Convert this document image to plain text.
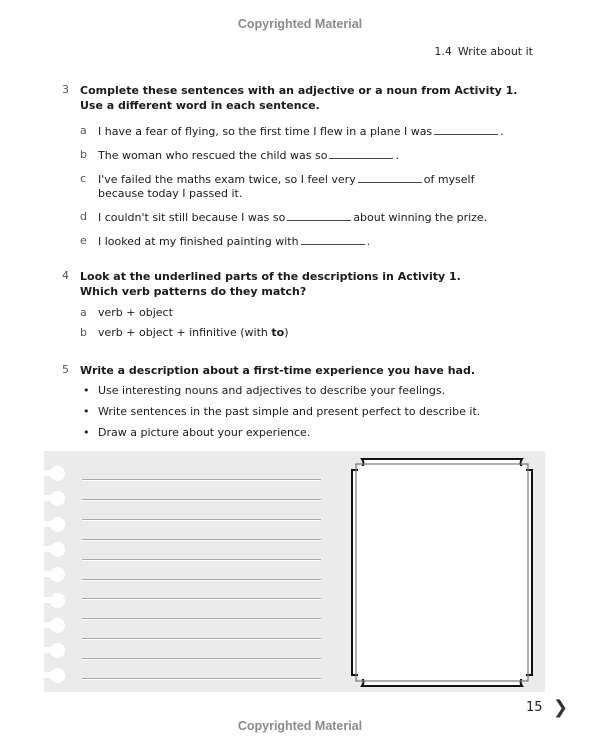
Copyrighted Material
1.4 Write about it
3 Complete these sentences with an adjective or a noun from Activity 1.
Use a different word in each sentence.
a I have a fear of flying, so the first time I flew in a plane I was	.
b The woman who rescued the child was so	.
c I've failed the maths exam twice, so I feel very	of myself because today I passed it.
d I couldn't sit still because I was so	about winning the prize.
e I looked at my finished painting with	.
4 Look at the underlined parts of the descriptions in Activity 1.
Which verb patterns do they match?
a verb + object
b verb + object + infinitive (with to)
5 Write a description about a first-time experience you have had.
• Use interesting nouns and adjectives to describe your feelings.
• Write sentences in the past simple and present perfect to describe it.
• Draw a picture about your experience.
15 ❯
Copyrighted Material
